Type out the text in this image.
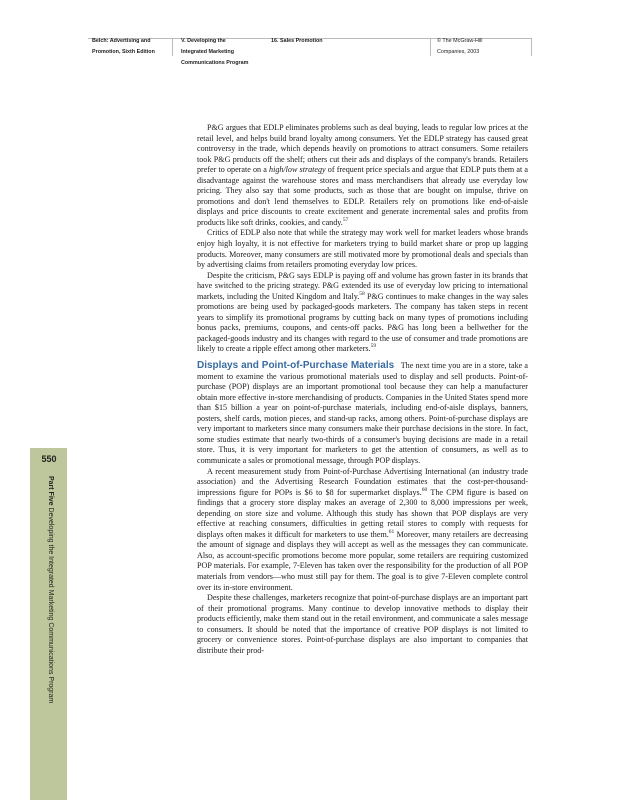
Belch: Advertising and
Promotion, Sixth Edition
V. Developing the
Integrated Marketing
Communications Program
16. Sales Promotion	© The McGraw-Hill
Companies, 2003
550
Part Five Developing the Integrated Marketing Communications Program

P&G argues that EDLP eliminates problems such as deal buying, leads to regular low prices at the retail level, and helps build brand loyalty among consumers. Yet the EDLP strategy has caused great controversy in the trade, which depends heavily on promotions to attract consumers. Some retailers took P&G products off the shelf; others cut their ads and displays of the company's brands. Retailers prefer to operate on a high/low strategy of frequent price specials and argue that EDLP puts them at a disadvantage against the warehouse stores and mass merchandisers that already use everyday low pricing. They also say that some products, such as those that are bought on impulse, thrive on promotions and don't lend themselves to EDLP. Retailers rely on promotions like end-of-aisle displays and price discounts to create excitement and generate incremental sales and profits from products like soft drinks, cookies, and candy.$^{57}$

Critics of EDLP also note that while the strategy may work well for market leaders whose brands enjoy high loyalty, it is not effective for marketers trying to build market share or prop up lagging products. Moreover, many consumers are still motivated more by promotional deals and specials than by advertising claims from retailers promoting everyday low prices.

Despite the criticism, P&G says EDLP is paying off and volume has grown faster in its brands that have switched to the pricing strategy. P&G extended its use of everyday low pricing to international markets, including the United Kingdom and Italy.$^{58}$ P&G continues to make changes in the way sales promotions are being used by packaged-goods marketers. The company has taken steps in recent years to simplify its promotional programs by cutting back on many types of promotions including bonus packs, premiums, coupons, and cents-off packs. P&G has long been a bellwether for the packaged-goods industry and its changes with regard to the use of consumer and trade promotions are likely to create a ripple effect among other marketers.$^{59}$

Displays and Point-of-Purchase Materials The next time you are in a store, take a moment to examine the various promotional materials used to display and sell products. Point-of-purchase (POP) displays are an important promotional tool because they can help a manufacturer obtain more effective in-store merchandising of products. Companies in the United States spend more than $15 billion a year on point-of-purchase materials, including end-of-aisle displays, banners, posters, shelf cards, motion pieces, and stand-up racks, among others. Point-of-purchase displays are very important to marketers since many consumers make their purchase decisions in the store. In fact, some studies estimate that nearly two-thirds of a consumer's buying decisions are made in a retail store. Thus, it is very important for marketers to get the attention of consumers, as well as to communicate a sales or promotional message, through POP displays.

A recent measurement study from Point-of-Purchase Advertising International (an industry trade association) and the Advertising Research Foundation estimates that the cost-per-thousand-impressions figure for POPs is $6 to $8 for supermarket displays.$^{60}$ The CPM figure is based on findings that a grocery store display makes an average of 2,300 to 8,000 impressions per week, depending on store size and volume. Although this study has shown that POP displays are very effective at reaching consumers, difficulties in getting retail stores to comply with requests for displays often makes it difficult for marketers to use them.$^{61}$ Moreover, many retailers are decreasing the amount of signage and displays they will accept as well as the messages they can communicate. Also, as account-specific promotions become more popular, some retailers are requiring customized POP materials. For example, 7-Eleven has taken over the responsibility for the production of all POP materials from vendors—who must still pay for them. The goal is to give 7-Eleven complete control over its in-store environment.

Despite these challenges, marketers recognize that point-of-purchase displays are an important part of their promotional programs. Many continue to develop innovative methods to display their products efficiently, make them stand out in the retail environment, and communicate a sales message to consumers. It should be noted that the importance of creative POP displays is not limited to grocery or convenience stores. Point-of-purchase displays are also important to companies that distribute their prod-
